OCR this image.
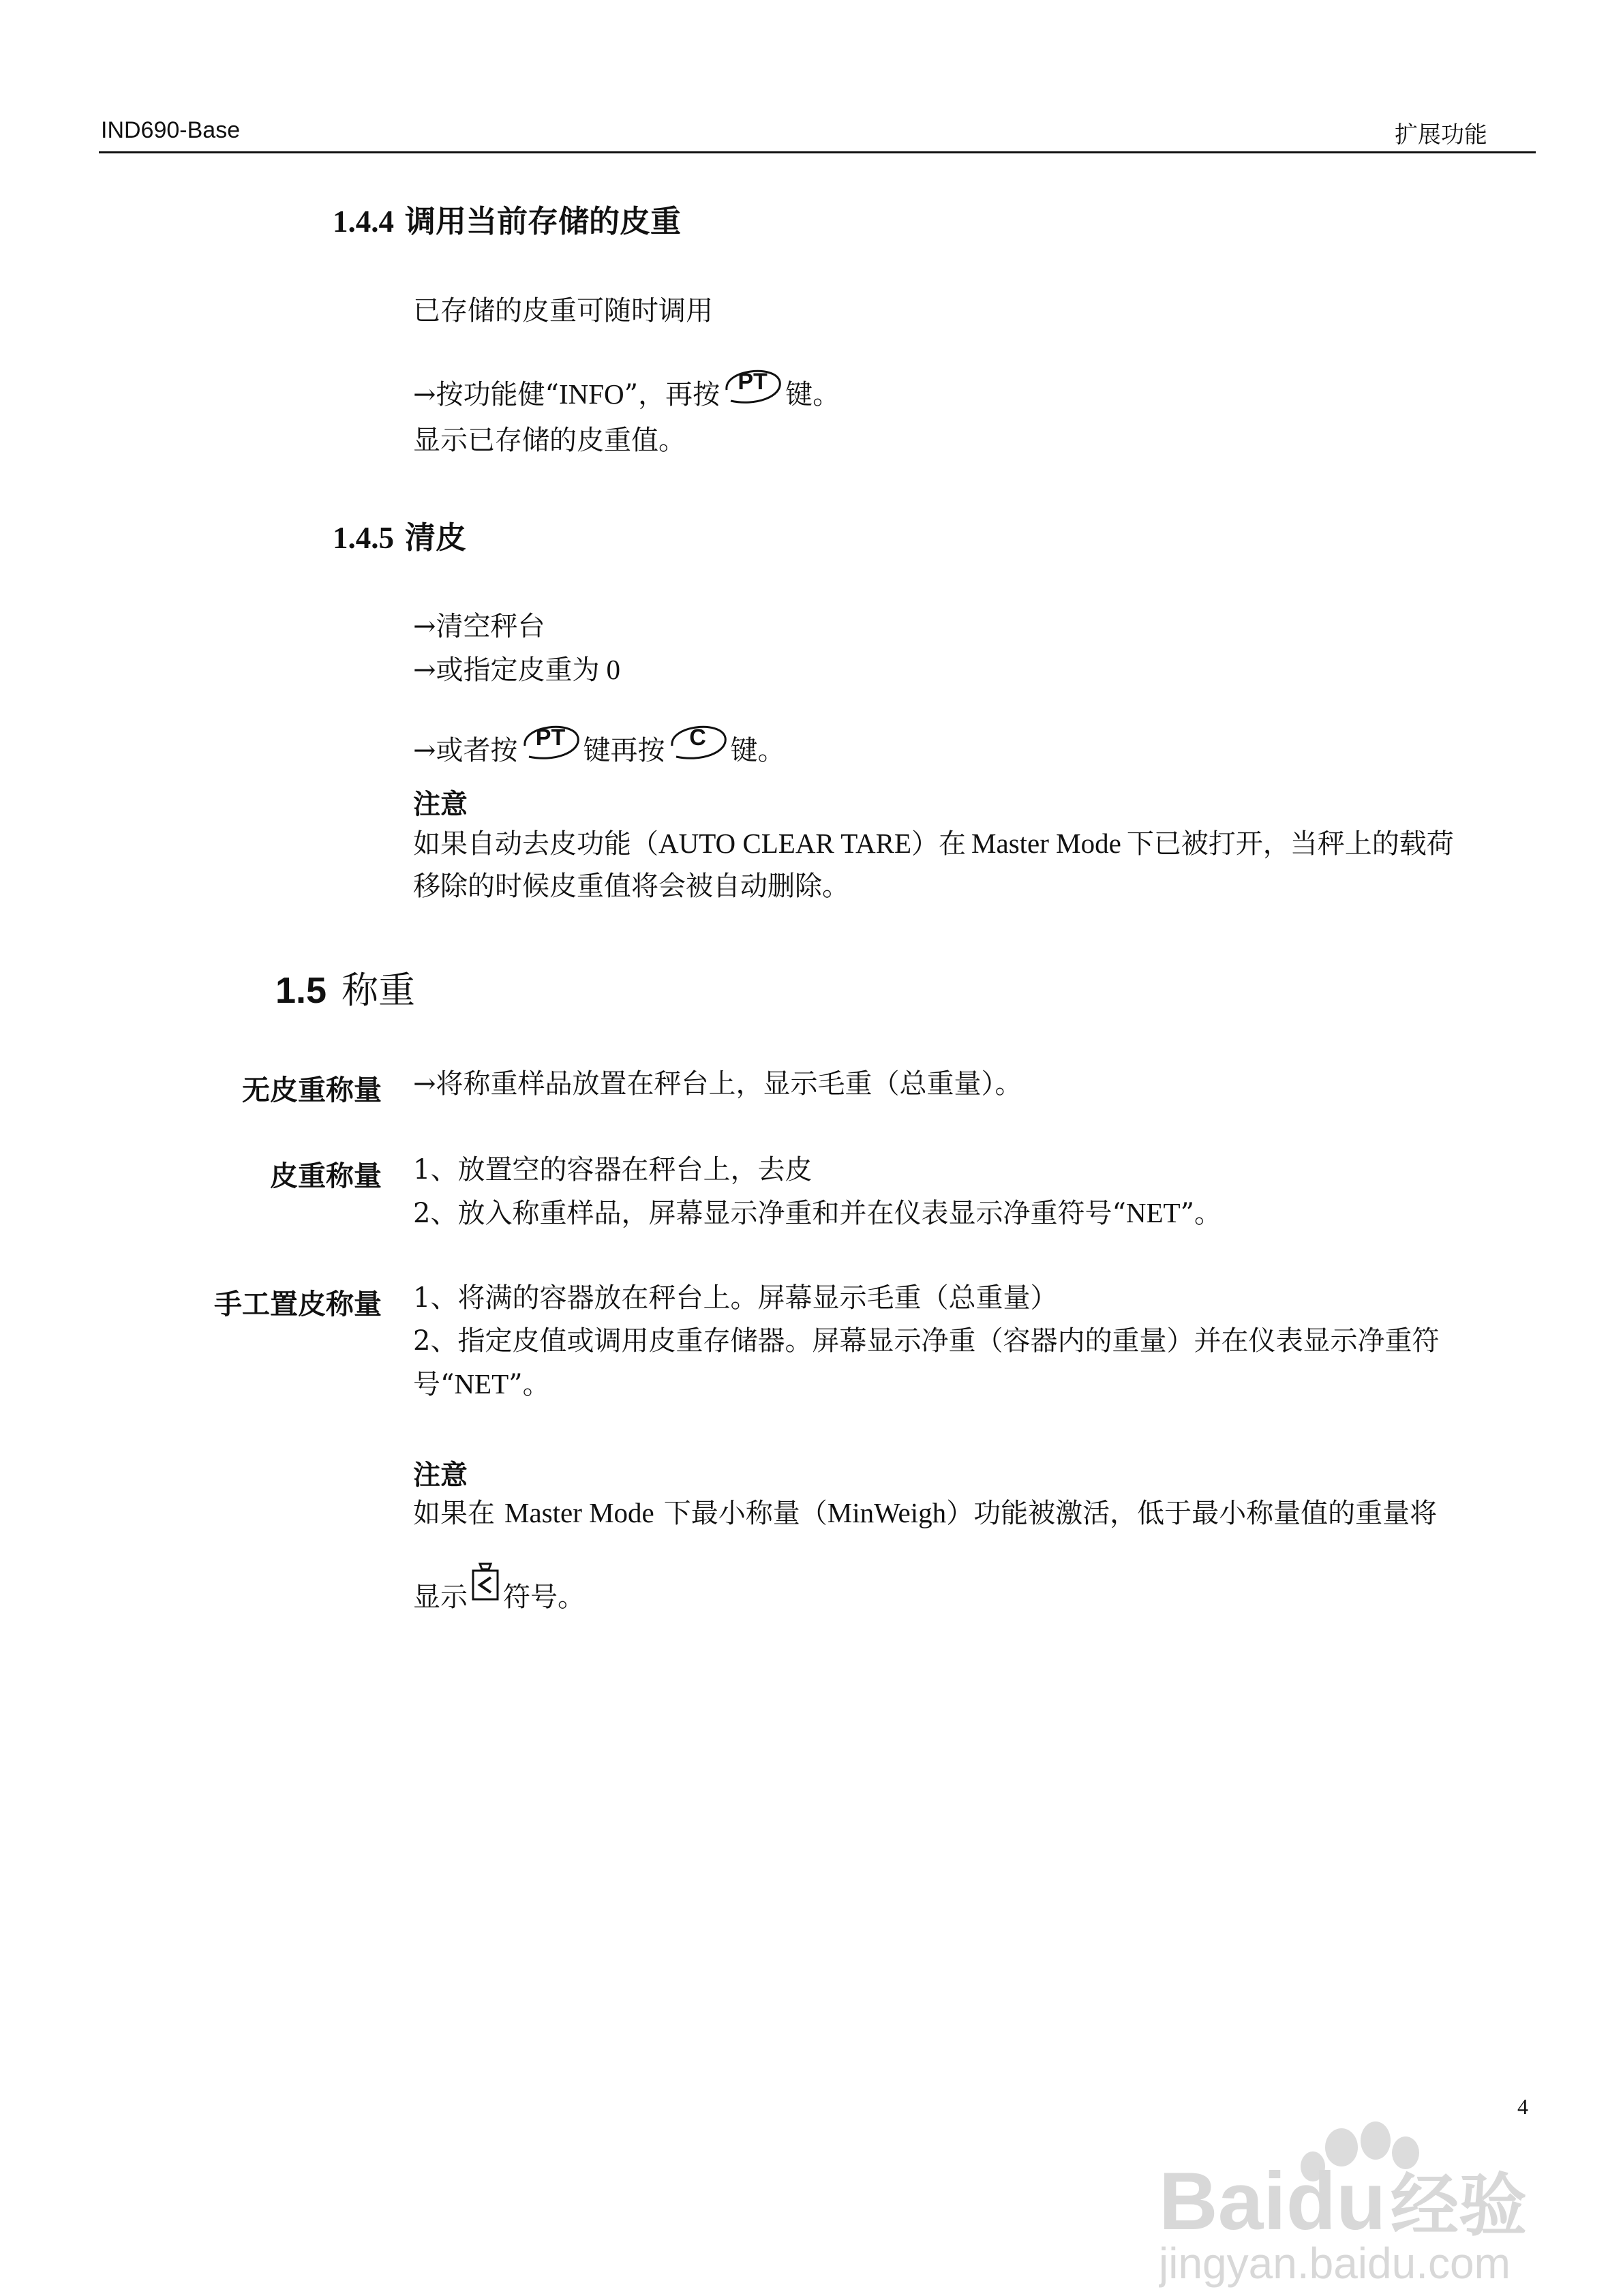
IND690-Base	扩展功能
1.4.4 调用当前存储的皮重
已存储的皮重可随时调用
→按功能健“INFO”，再按 PT 键。
显示已存储的皮重值。
1.4.5 清皮
→清空秤台
→或指定皮重为 0
→或者按 PT 键再按	C 键。
注意
如果自动去皮功能（AUTO CLEAR TARE）在 Master Mode 下已被打开，当秤上的载荷
移除的时候皮重值将会被自动删除。
1.5 称重
无皮重称量 →将称重样品放置在秤台上，显示毛重（总重量）。
皮重称量 1、放置空的容器在秤台上，去皮
2、放入称重样品，屏幕显示净重和并在仪表显示净重符号“NET”。
手工置皮称量 1、将满的容器放在秤台上。屏幕显示毛重（总重量）
2、指定皮值或调用皮重存储器。屏幕显示净重（容器内的重量）并在仪表显示净重符
号“NET”。
注意
如果在 Master Mode 下最小称量（MinWeigh）功能被激活，低于最小称量值的重量将
显示 符号。
Baidu 经验
jingyan.baidu.com
4
